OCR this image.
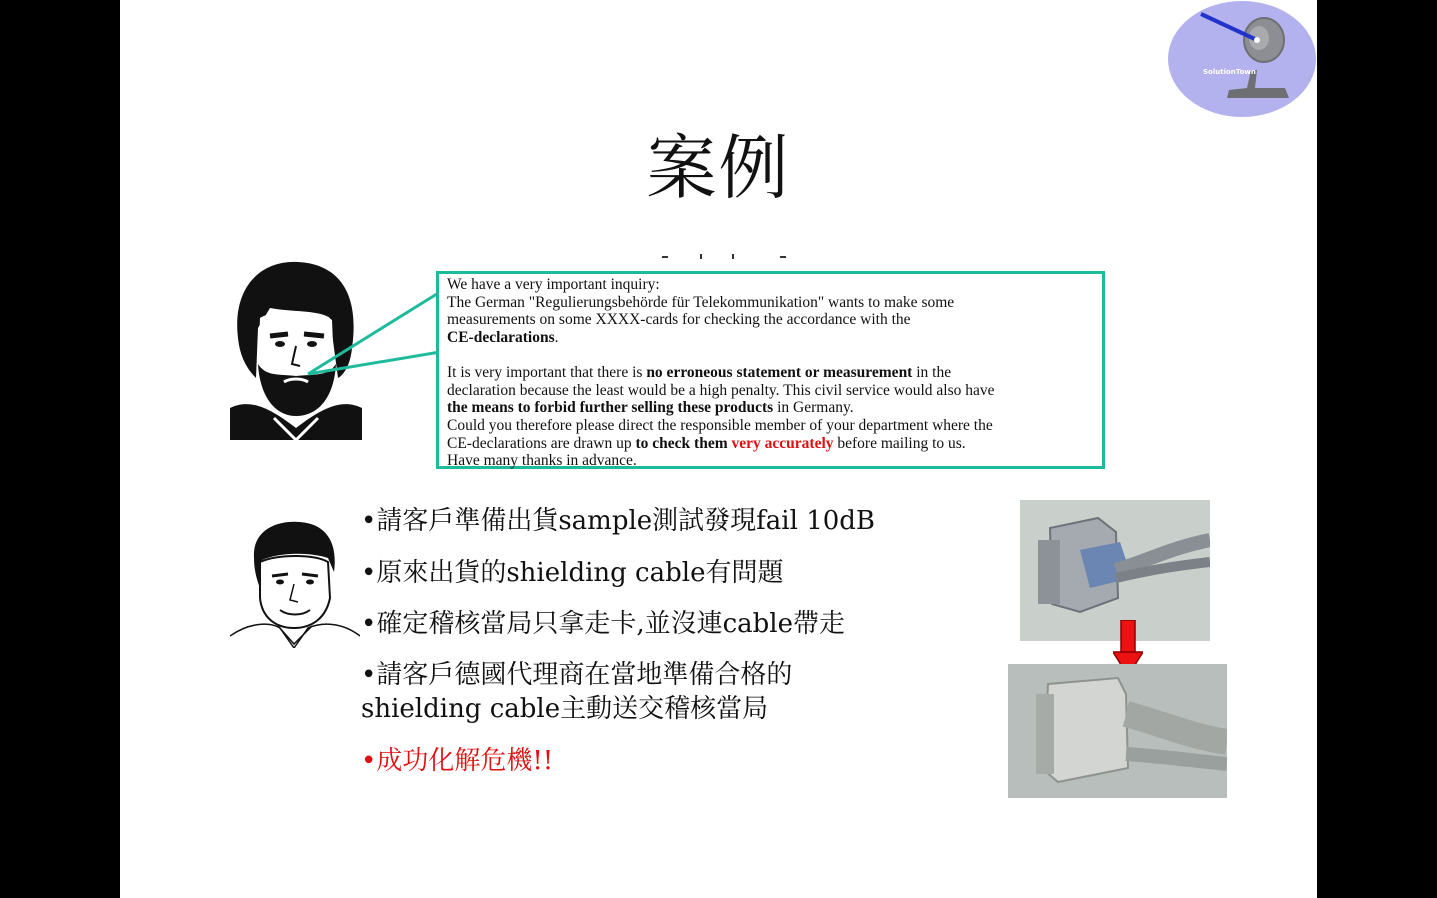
SolutionTown
案例

We have a very important inquiry:

The German "Regulierungsbehörde für Telekommunikation" wants to make some

measurements on some XXXX-cards for checking the accordance with the

CE-declarations.

It is very important that there is no erroneous statement or measurement in the

declaration because the least would be a high penalty. This civil service would also have

the means to forbid further selling these products in Germany.

Could you therefore please direct the responsible member of your department where the

CE-declarations are drawn up to check them very accurately before mailing to us.

Have many thanks in advance.

•請客戶準備出貨sample測試發現fail 10dB
•原來出貨的shielding cable有問題
•確定稽核當局只拿走卡,並沒連cable帶走
•請客戶德國代理商在當地準備合格的
shielding cable主動送交稽核當局
•成功化解危機!!
